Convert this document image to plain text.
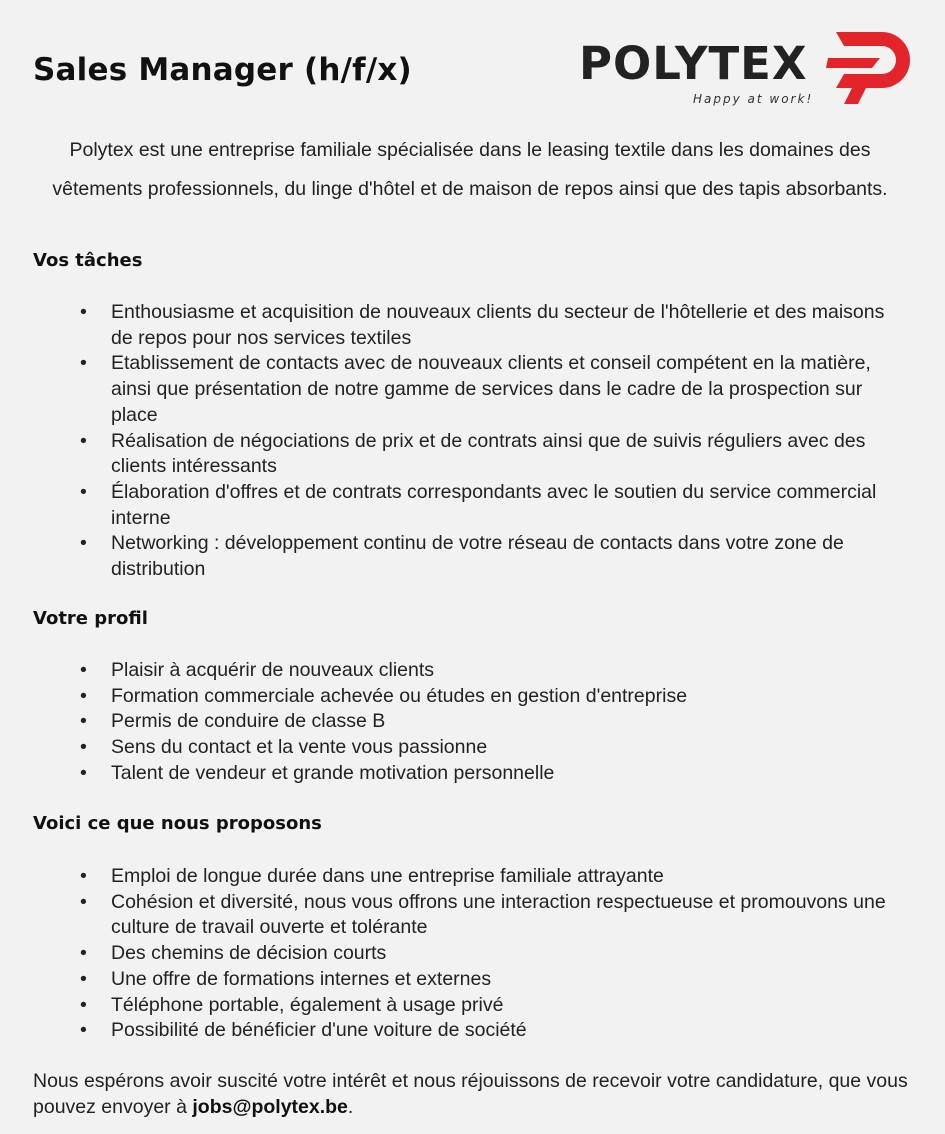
Sales Manager (h/f/x)	POLYTEX
Happy at work!

Polytex est une entreprise familiale spécialisée dans le leasing textile dans les domaines des vêtements professionnels, du linge d'hôtel et de maison de repos ainsi que des tapis absorbants.

Vos tâches
• Enthousiasme et acquisition de nouveaux clients du secteur de l'hôtellerie et des maisons de repos pour nos services textiles
• Etablissement de contacts avec de nouveaux clients et conseil compétent en la matière, ainsi que présentation de notre gamme de services dans le cadre de la prospection sur place
• Réalisation de négociations de prix et de contrats ainsi que de suivis réguliers avec des clients intéressants
• Élaboration d'offres et de contrats correspondants avec le soutien du service commercial interne
• Networking : développement continu de votre réseau de contacts dans votre zone de distribution
Votre profil
• Plaisir à acquérir de nouveaux clients
• Formation commerciale achevée ou études en gestion d'entreprise
• Permis de conduire de classe B
• Sens du contact et la vente vous passionne
• Talent de vendeur et grande motivation personnelle
Voici ce que nous proposons
• Emploi de longue durée dans une entreprise familiale attrayante
• Cohésion et diversité, nous vous offrons une interaction respectueuse et promouvons une culture de travail ouverte et tolérante
• Des chemins de décision courts
• Une offre de formations internes et externes
• Téléphone portable, également à usage privé
• Possibilité de bénéficier d'une voiture de société

Nous espérons avoir suscité votre intérêt et nous réjouissons de recevoir votre candidature, que vous pouvez envoyer à jobs@polytex.be.
